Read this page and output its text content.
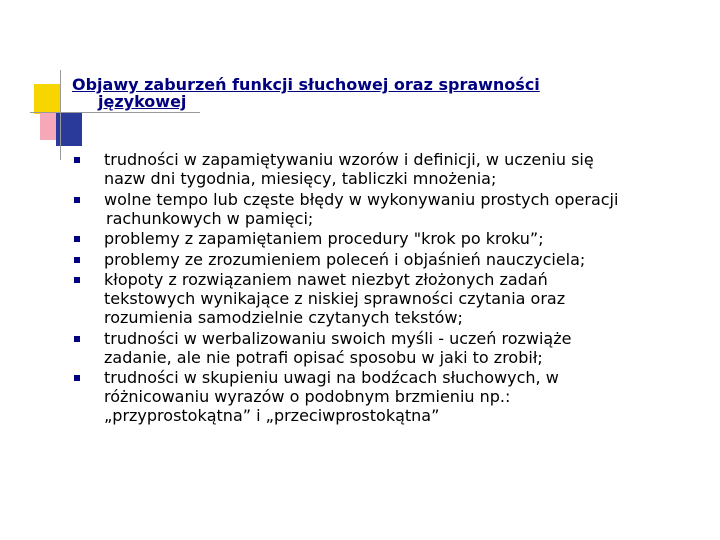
Objawy zaburzeń funkcji słuchowej oraz sprawności
językowej
trudności w zapamiętywaniu wzorów i definicji, w uczeniu się
nazw dni tygodnia, miesięcy, tabliczki mnożenia;
wolne tempo lub częste błędy w wykonywaniu prostych operacji
rachunkowych w pamięci;
problemy z zapamiętaniem procedury "krok po kroku”;
problemy ze zrozumieniem poleceń i objaśnień nauczyciela;
kłopoty z rozwiązaniem nawet niezbyt złożonych zadań
tekstowych wynikające z niskiej sprawności czytania oraz
rozumienia samodzielnie czytanych tekstów;
trudności w werbalizowaniu swoich myśli - uczeń rozwiąże
zadanie, ale nie potrafi opisać sposobu w jaki to zrobił;
trudności w skupieniu uwagi na bodźcach słuchowych, w
różnicowaniu wyrazów o podobnym brzmieniu np.:
„przyprostokątna” i „przeciwprostokątna”
